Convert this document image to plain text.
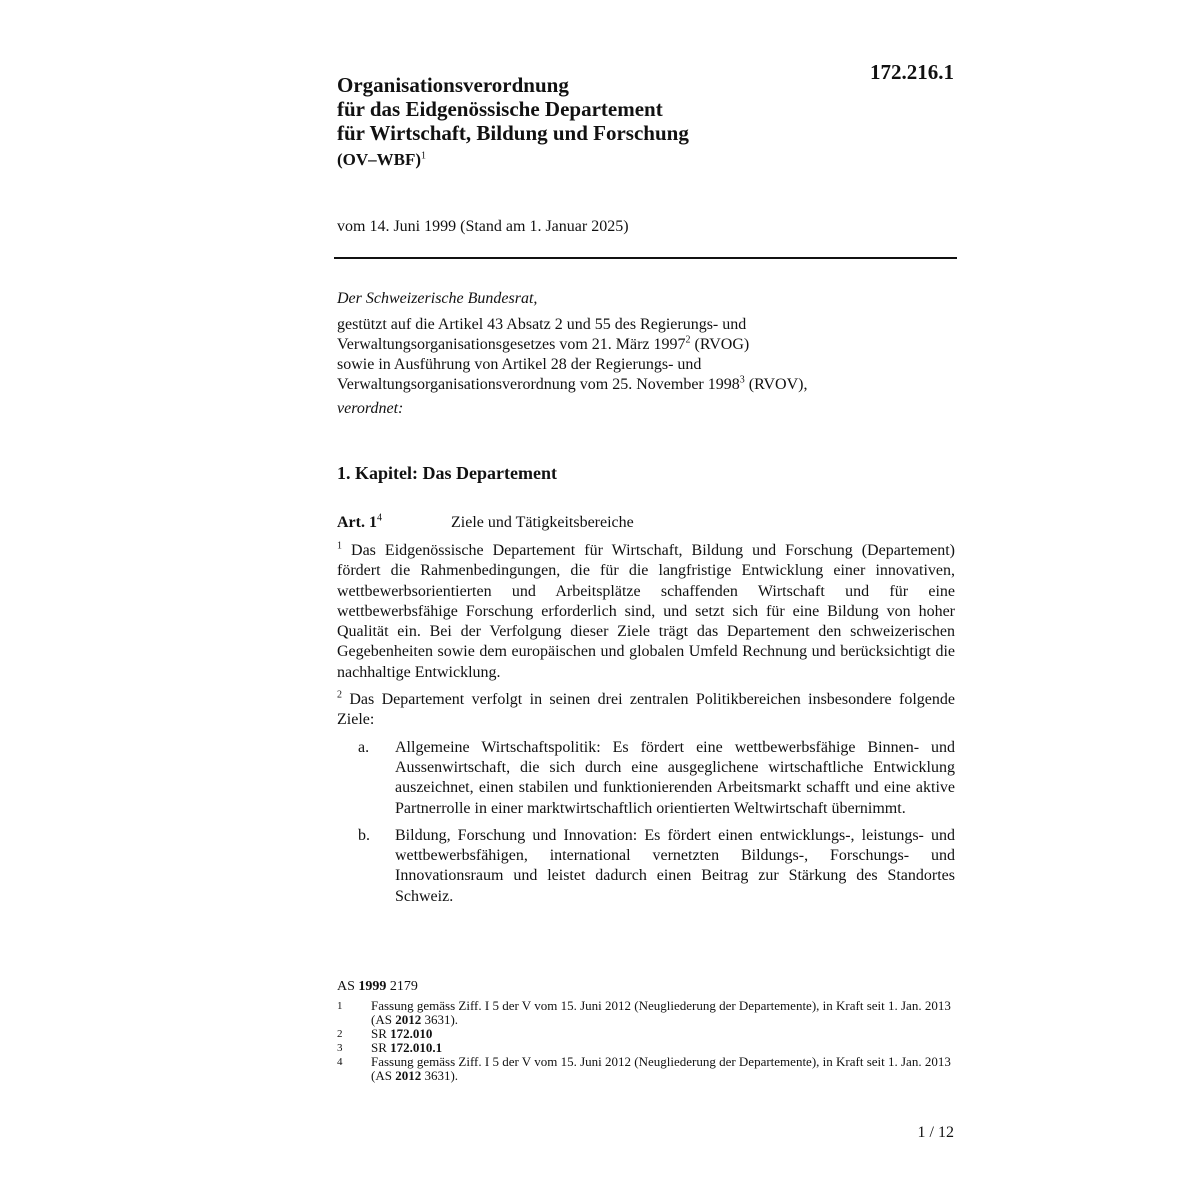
172.216.1
Organisationsverordnung
für das Eidgenössische Departement
für Wirtschaft, Bildung und Forschung
$(OV-WBF)^1$
vom 14. Juni 1999 (Stand am 1. Januar 2025)
Der Schweizerische Bundesrat,
gestützt auf die Artikel 43 Absatz 2 und 55 des Regierungs- und
Verwaltungsorganisationsgesetzes vom 21. März 1997$^2$ (RVOG)
sowie in Ausführung von Artikel 28 der Regierungs- und
Verwaltungsorganisationsverordnung vom 25. November 1998$^3$ (RVOV),
verordnet:
1. Kapitel: Das Departement
Art. $1^4$	Ziele und Tätigkeitsbereiche

$^1$ Das Eidgenössische Departement für Wirtschaft, Bildung und Forschung (Departement) fördert die Rahmenbedingungen, die für die langfristige Entwicklung einer innovativen, wettbewerbsorientierten und Arbeitsplätze schaffenden Wirtschaft und für eine wettbewerbsfähige Forschung erforderlich sind, und setzt sich für eine Bildung von hoher Qualität ein. Bei der Verfolgung dieser Ziele trägt das Departement den schweizerischen Gegebenheiten sowie dem europäischen und globalen Umfeld Rechnung und berücksichtigt die nachhaltige Entwicklung.

$^2$ Das Departement verfolgt in seinen drei zentralen Politikbereichen insbesondere folgende Ziele:

a.	Allgemeine Wirtschaftspolitik: Es fördert eine wettbewerbsfähige Binnen- und Aussenwirtschaft, die sich durch eine ausgeglichene wirtschaftliche Entwicklung auszeichnet, einen stabilen und funktionierenden Arbeitsmarkt schafft und eine aktive Partnerrolle in einer marktwirtschaftlich orientierten Weltwirtschaft übernimmt.
b.	Bildung, Forschung und Innovation: Es fördert einen entwicklungs-, leistungs- und wettbewerbsfähigen, international vernetzten Bildungs-, Forschungs- und Innovationsraum und leistet dadurch einen Beitrag zur Stärkung des Standortes Schweiz.
AS 1999 2179
1	Fassung gemäss Ziff. I 5 der V vom 15. Juni 2012 (Neugliederung der Departemente), in Kraft seit 1. Jan. 2013 (AS 2012 3631).
2	SR 172.010
3	SR 172.010.1
4	Fassung gemäss Ziff. I 5 der V vom 15. Juni 2012 (Neugliederung der Departemente), in Kraft seit 1. Jan. 2013 (AS 2012 3631).
1 / 12
